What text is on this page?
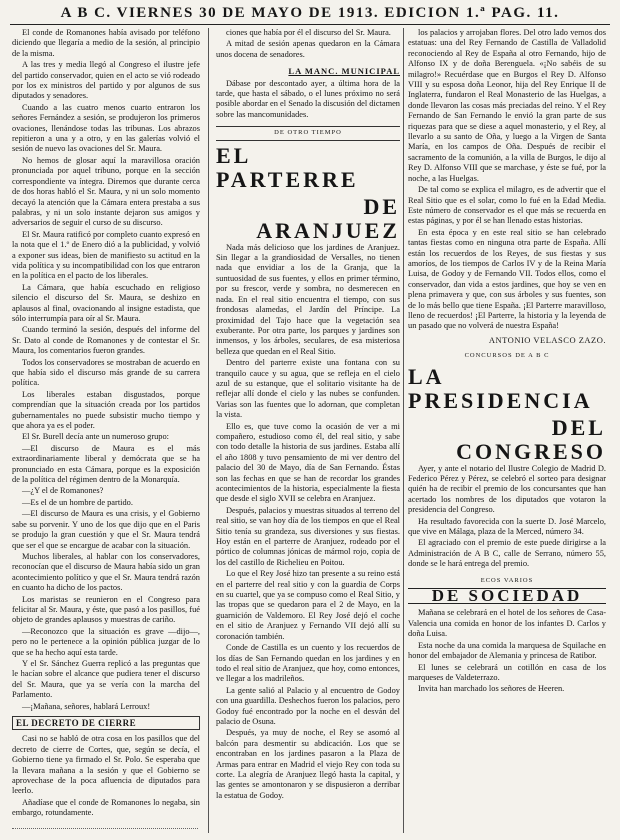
A B C. VIERNES 30 DE MAYO DE 1913. EDICION 1.ª PAG. 11.

El conde de Romanones había avisado por teléfono diciendo que llegaría a medio de la sesión, al principio de la misma.

A las tres y media llegó al Congreso el ilustre jefe del partido conservador, quien en el acto se vió rodeado por los ex ministros del partido y por algunos de sus diputados y senadores.

Cuando a las cuatro menos cuarto entraron los señores Fernández a sesión, se produjeron los primeros ovaciones, llenándose todas las tribunas. Los abrazos repitieron a una y a otro, y en las galerías volvió el sesión de nuevo las ovaciones del Sr. Maura.

No hemos de glosar aquí la maravillosa oración pronunciada por aquel tribuno, porque en la sección correspondiente va íntegra. Diremos que durante cerca de dos horas habló el Sr. Maura, y ni un solo momento decayó la atención que la Cámara entera prestaba a sus palabras, y ni un solo instante dejaron sus amigos y adversarios de seguir el curso de su discurso.

El Sr. Maura ratificó por completo cuanto expresó en la nota que el 1.º de Enero dió a la publicidad, y volvió a exponer sus ideas, bien de manifiesto su actitud en la vida política y su incompatibilidad con los que entraron en la política en el pacto de los liberales.

La Cámara, que había escuchado en religioso silencio el discurso del Sr. Maura, se deshizo en aplausos al final, ovacionando al insigne estadista, que sólo interrumpía para oír al Sr. Maura.

Cuando terminó la sesión, después del informe del Sr. Dato al conde de Romanones y de contestar el Sr. Maura, los comentarios fueron grandes.

Todos los conservadores se mostraban de acuerdo en que había sido el discurso más grande de su carrera política.

Los liberales estaban disgustados, porque comprendían que la situación creada por los partidos gubernamentales no puede subsistir mucho tiempo y que ahora ya es el poder.

El Sr. Burell decía ante un numeroso grupo:

—El discurso de Maura es el más extraordinariamente liberal y demócrata que se ha pronunciado en esta Cámara, porque es la exposición de la política del régimen dentro de la Monarquía.

—¿Y el de Romanones?

—Es el de un hombre de partido.

—El discurso de Maura es una crisis, y el Gobierno sabe su porvenir. Y uno de los que dijo que en el Paris se produjo la gran cuestión y que el Sr. Maura tendrá que ser el que se encargue de acabar con la situación.

Muchos liberales, al hablar con los conservadores, reconocían que el discurso de Maura había sido un gran acontecimiento político y que el Sr. Maura tendrá razón en cuanto ha dicho de los pactos.

Los maristas se reunieron en el Congreso para felicitar al Sr. Maura, y éste, que pasó a los pasillos, fué objeto de grandes aplausos y muestras de cariño.

—Reconozco que la situación es grave —dijo—, pero no le pertenece a la opinión pública juzgar de lo que se ha hecho aquí esta tarde.

Y el Sr. Sánchez Guerra replicó a las preguntas que le hacían sobre el alcance que pudiera tener el discurso del Sr. Maura, que ya se vería con la marcha del Parlamento.

—¡Mañana, señores, hablará Lerroux!

EL DECRETO DE CIERRE

Casi no se habló de otra cosa en los pasillos que del decreto de cierre de Cortes, que, según se decía, el Gobierno tiene ya firmado el Sr. Polo. Se esperaba que la llevara mañana a la sesión y que el Gobierno se aprovechase de la poca afluencia de diputados para leerlo.

Añadíase que el conde de Romanones lo negaba, sin embargo, rotundamente.

ciones que había por él el discurso del Sr. Maura.

A mitad de sesión apenas quedaron en la Cámara unos docena de senadores.

LA MANC. MUNICIPAL

Dábase por descontado ayer, a última hora de la tarde, que hasta el sábado, o el lunes próximo no será posible abordar en el Senado la discusión del dictamen sobre las mancomunidades.

DE OTRO TIEMPO
EL PARTERRE
DE ARANJUEZ

Nada más delicioso que los jardines de Aranjuez. Sin llegar a la grandiosidad de Versalles, no tienen nada que envidiar a los de la Granja, que la suntuosidad de sus fuentes, y ellos en primer término, por su frescor, verde y sombra, no desmerecen en nada. En el real sitio encuentra el tiempo, con sus frondosas alamedas, el Jardín del Príncipe. La proximidad del Tajo hace que la vegetación sea exuberante. Por otra parte, los parques y jardines son inmensos, y los árboles, seculares, de esa misteriosa belleza que quedan en el Real Sitio.

Dentro del parterre existe una fontana con su tranquilo cauce y su agua, que se refleja en el cielo azul de su estanque, que el solitario visitante ha de reflejar allí donde el cielo y las nubes se confunden. Varias son las fuentes que lo adornan, que completan la vista.

Ello es, que tuve como la ocasión de ver a mi compañero, estudioso como él, del real sitio, y sabe con todo detalle la historia de sus jardines. Estaba allí el año 1808 y tuvo pensamiento de mi ver dentro del palacio del 30 de Mayo, día de San Fernando. Éstas son las fechas en que se han de recordar los grandes acontecimientos de la historia, especialmente la fiesta que desde el siglo XVII se celebra en Aranjuez.

Después, palacios y muestras situados al terreno del real sitio, se van hoy día de los tiempos en que el Real Sitio tenía su grandeza, sus diversiones y sus fiestas. Hoy están en el parterre de Aranjuez, rodeado por el pórtico de columnas jónicas de mármol rojo, copia de los del castillo de Richelieu en Poitou.

Lo que el Rey José hizo tan presente a su reino está en el parterre del real sitio y con la guardia de Corps en su cuartel, que ya se compuso como el Real Sitio, y las tropas que se quedaron para el 2 de Mayo, en la guarnición de Valdemoro. El Rey José dejó el coche en el sitio de Aranjuez y Fernando VII dejó allí su coronación también.

Conde de Castilla es un cuento y los recuerdos de los días de San Fernando quedan en los jardines y en todo el real sitio de Aranjuez, que hoy, como entonces, ve llegar a los madrileños.

La gente salió al Palacio y al encuentro de Godoy con una guardilla. Deshechos fueron los palacios, pero Godoy fué encontrado por la noche en el desván del palacio de Osuna.

Después, ya muy de noche, el Rey se asomó al balcón para desmentir su abdicación. Los que se encontraban en los jardines pasaron a la Plaza de Armas para entrar en Madrid el viejo Rey con toda su corte. La alegría de Aranjuez llegó hasta la capital, y las gentes se amontonaron y se dispusieron a derribar la estatua de Godoy.

los palacios y arrojaban flores. Del otro lado vemos dos estatuas: una del Rey Fernando de Castilla de Valladolid reconociendo al Rey de España al otro Fernando, hijo de Alfonso IX y de doña Berenguela. «¡No sabéis de su milagro!» Recuérdase que en Burgos el Rey D. Alfonso VIII y su esposa doña Leonor, hija del Rey Enrique II de Inglaterra, fundaron el Real Monasterio de las Huelgas, a donde llevaron las cosas más preciadas del reino. Y el Rey Fernando de San Fernando le envió la gran parte de sus riquezas para que se diese a aquel monasterio, y el Rey, al llevarlo a su santo de Oña, y luego a la Virgen de Santa María, en los campos de Oña. Después de recibir el sacramento de la comunión, a la villa de Burgos, le dijo al Rey D. Alfonso VIII que se marchase, y éste se fué, por la noche, a las Huelgas.

De tal como se explica el milagro, es de advertir que el Real Sitio que es el solar, como lo fué en la Edad Media. Este número de conservador es el que más se recuerda en estas páginas, y por él se han llenado estas historias.

En esta época y en este real sitio se han celebrado tantas fiestas como en ninguna otra parte de España. Allí están los recuerdos de los Reyes, de sus fiestas y sus amoríos, de los tiempos de Carlos IV y de la Reina María Luisa, de Godoy y de Fernando VII. Todos ellos, como el conservador, dan vida a estos jardines, que hoy se ven en plena primavera y que, con sus árboles y sus fuentes, son de lo más bello que tiene España. ¡El Parterre maravilloso, lleno de recuerdos! ¡El Parterre, la historia y la leyenda de un pasado que no volverá de nuestra España!

ANTONIO VELASCO ZAZO.
CONCURSOS DE A B C
LA PRESIDENCIA
DEL CONGRESO

Ayer, y ante el notario del Ilustre Colegio de Madrid D. Federico Pérez y Pérez, se celebró el sorteo para designar quién ha de recibir el premio de los concursantes que han acertado los nombres de los diputados que votaron la presidencia del Congreso.

Ha resultado favorecida con la suerte D. José Marcelo, que vive en Málaga, plaza de la Merced, número 34.

El agraciado con el premio de este puede dirigirse a la Administración de A B C, calle de Serrano, número 55, donde se le hará entrega del premio.

ECOS VARIOS
DE SOCIEDAD

Mañana se celebrará en el hotel de los señores de Casa-Valencia una comida en honor de los infantes D. Carlos y doña Luisa.

Esta noche da una comida la marquesa de Squilache en honor del embajador de Alemania y princesa de Ratibor.

El lunes se celebrará un cotillón en casa de los marqueses de Valdeterrazo.

Invita han marchado los señores de Heeren.
